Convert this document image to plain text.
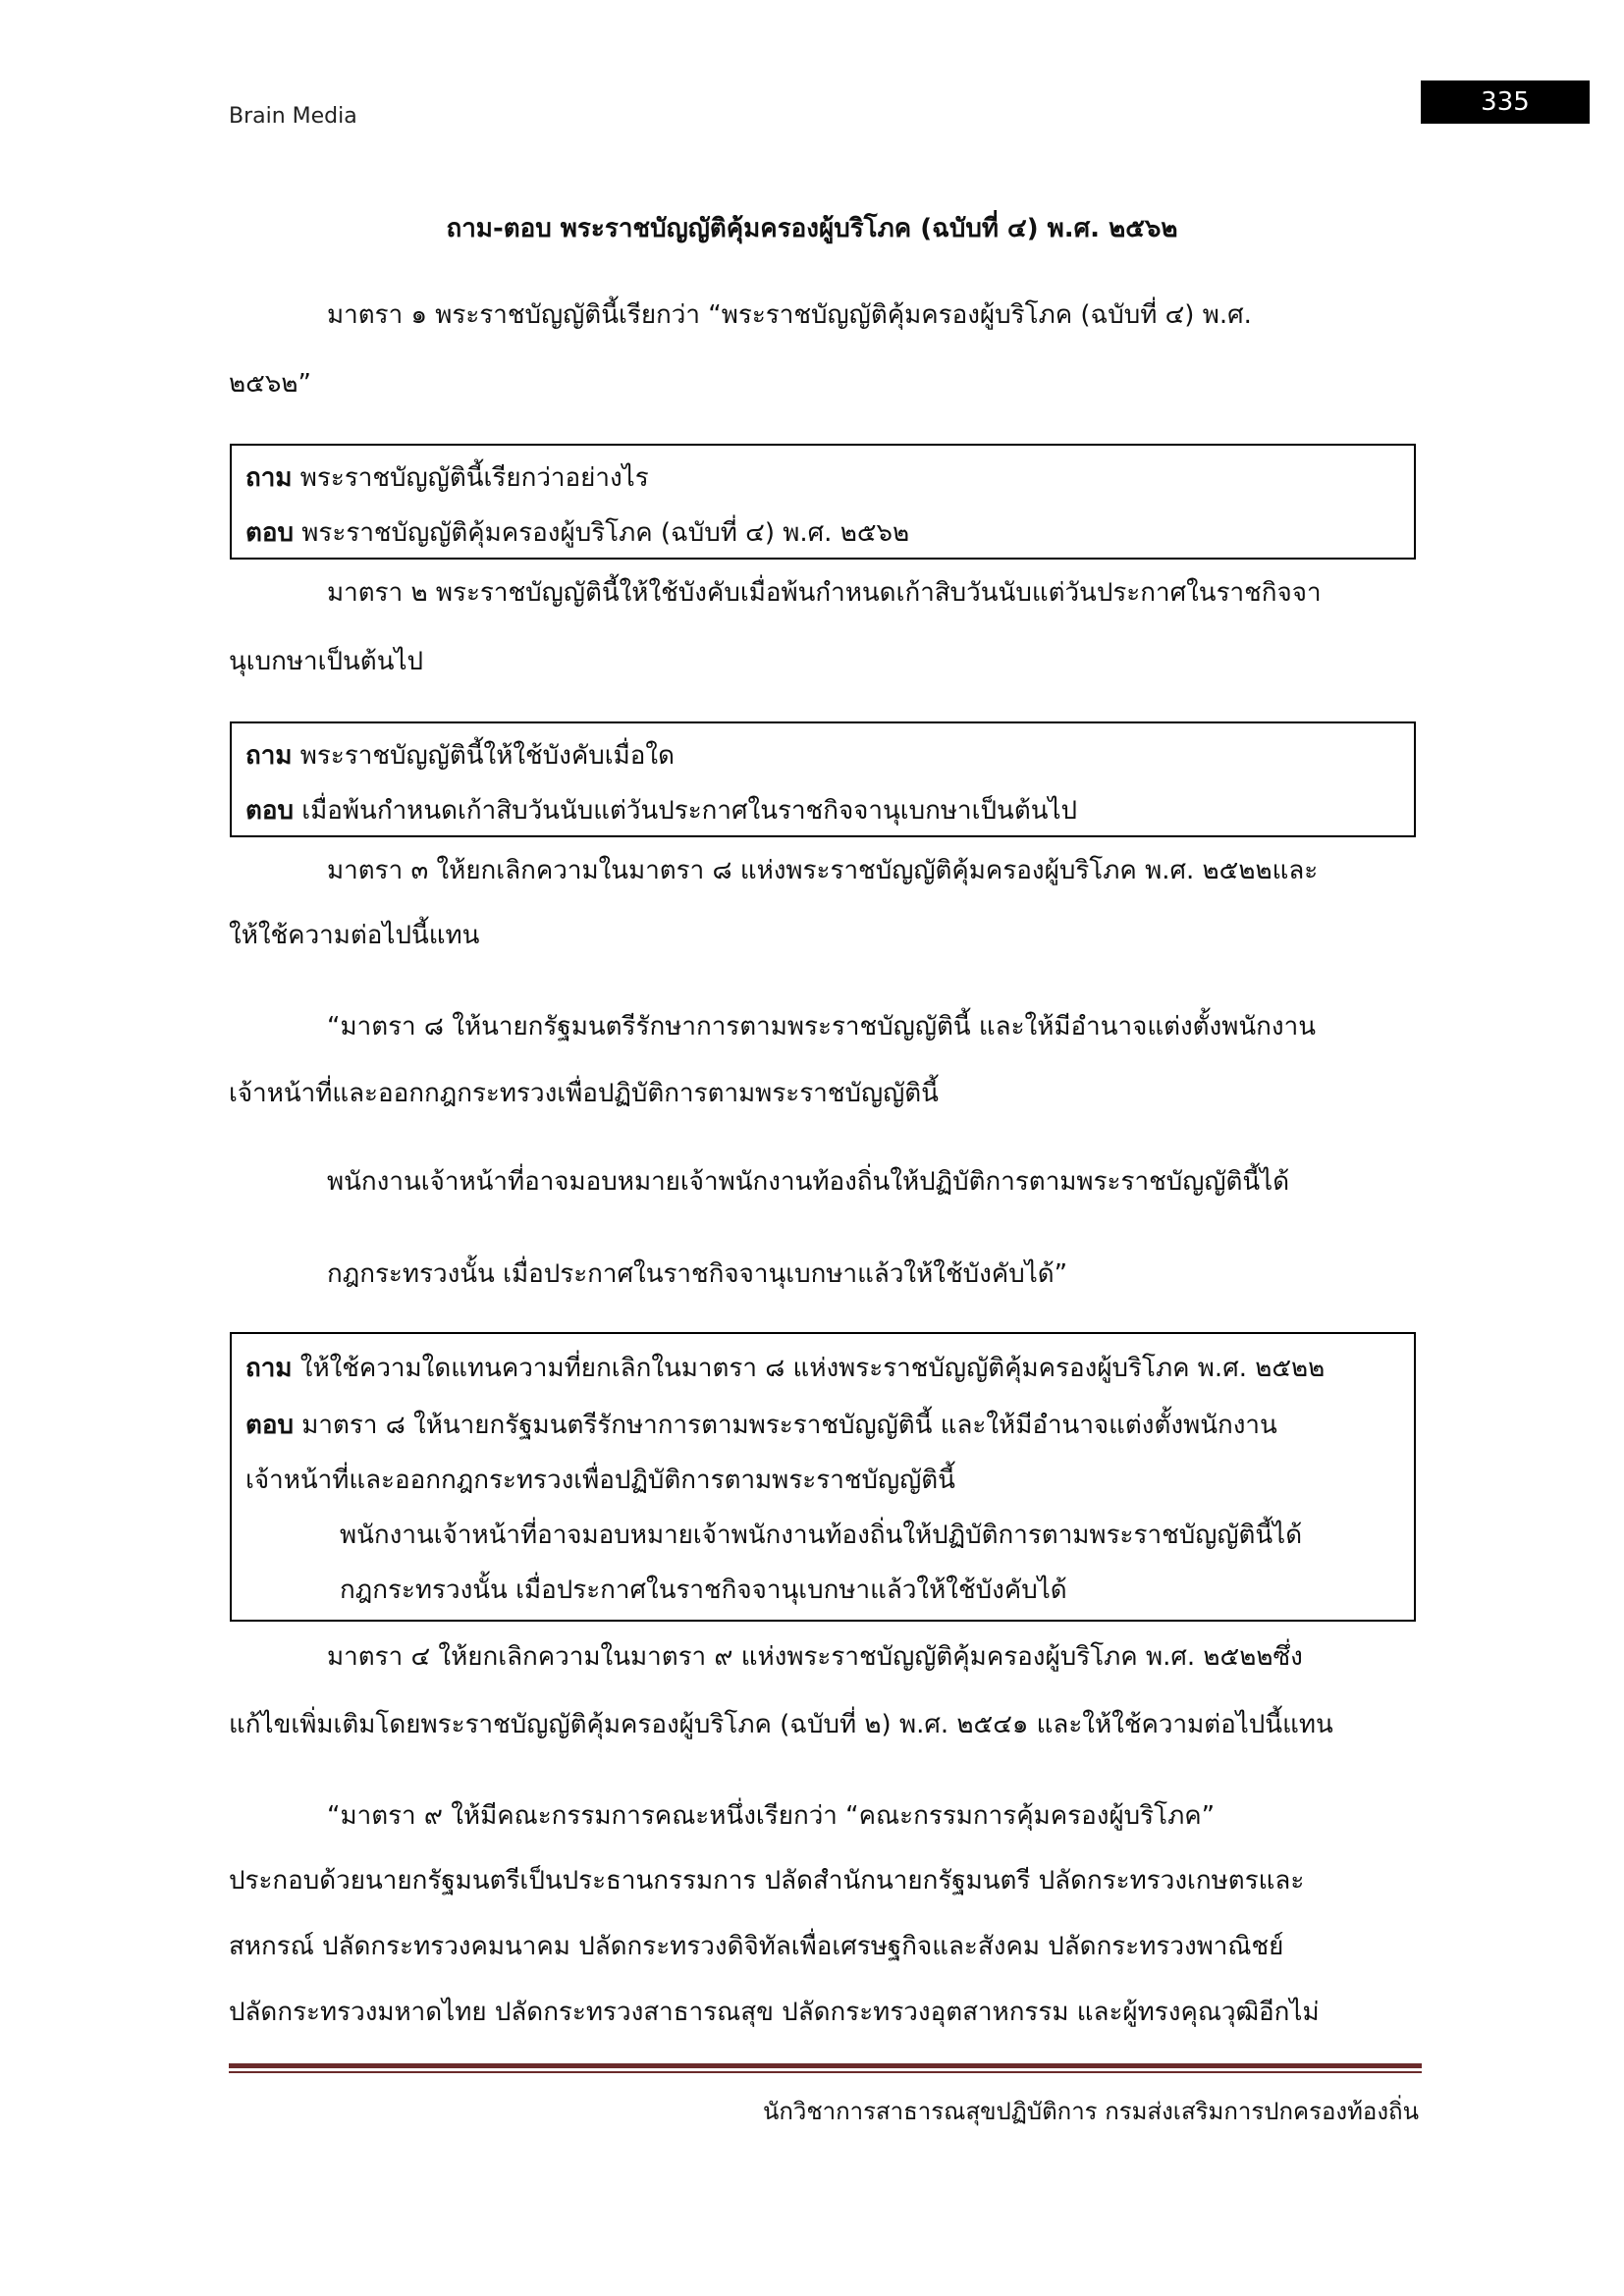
Brain Media	335
ถาม-ตอบ พระราชบัญญัติคุ้มครองผู้บริโภค (ฉบับที่ ๔) พ.ศ. ๒๕๖๒
มาตรา ๑ พระราชบัญญัตินี้เรียกว่า “พระราชบัญญัติคุ้มครองผู้บริโภค (ฉบับที่ ๔) พ.ศ.
๒๕๖๒”
ถาม พระราชบัญญัตินี้เรียกว่าอย่างไร
ตอบ พระราชบัญญัติคุ้มครองผู้บริโภค (ฉบับที่ ๔) พ.ศ. ๒๕๖๒
มาตรา ๒ พระราชบัญญัตินี้ให้ใช้บังคับเมื่อพ้นกำหนดเก้าสิบวันนับแต่วันประกาศในราชกิจจา
นุเบกษาเป็นต้นไป
ถาม พระราชบัญญัตินี้ให้ใช้บังคับเมื่อใด
ตอบ เมื่อพ้นกำหนดเก้าสิบวันนับแต่วันประกาศในราชกิจจานุเบกษาเป็นต้นไป
มาตรา ๓ ให้ยกเลิกความในมาตรา ๘ แห่งพระราชบัญญัติคุ้มครองผู้บริโภค พ.ศ. ๒๕๒๒และ
ให้ใช้ความต่อไปนี้แทน
“มาตรา ๘ ให้นายกรัฐมนตรีรักษาการตามพระราชบัญญัตินี้ และให้มีอำนาจแต่งตั้งพนักงาน
เจ้าหน้าที่และออกกฎกระทรวงเพื่อปฏิบัติการตามพระราชบัญญัตินี้
พนักงานเจ้าหน้าที่อาจมอบหมายเจ้าพนักงานท้องถิ่นให้ปฏิบัติการตามพระราชบัญญัตินี้ได้
กฎกระทรวงนั้น เมื่อประกาศในราชกิจจานุเบกษาแล้วให้ใช้บังคับได้”
ถาม ให้ใช้ความใดแทนความที่ยกเลิกในมาตรา ๘ แห่งพระราชบัญญัติคุ้มครองผู้บริโภค พ.ศ. ๒๕๒๒
ตอบ มาตรา ๘ ให้นายกรัฐมนตรีรักษาการตามพระราชบัญญัตินี้ และให้มีอำนาจแต่งตั้งพนักงาน
เจ้าหน้าที่และออกกฎกระทรวงเพื่อปฏิบัติการตามพระราชบัญญัตินี้
พนักงานเจ้าหน้าที่อาจมอบหมายเจ้าพนักงานท้องถิ่นให้ปฏิบัติการตามพระราชบัญญัตินี้ได้
กฎกระทรวงนั้น เมื่อประกาศในราชกิจจานุเบกษาแล้วให้ใช้บังคับได้
มาตรา ๔ ให้ยกเลิกความในมาตรา ๙ แห่งพระราชบัญญัติคุ้มครองผู้บริโภค พ.ศ. ๒๕๒๒ซึ่ง
แก้ไขเพิ่มเติมโดยพระราชบัญญัติคุ้มครองผู้บริโภค (ฉบับที่ ๒) พ.ศ. ๒๕๔๑ และให้ใช้ความต่อไปนี้แทน
“มาตรา ๙ ให้มีคณะกรรมการคณะหนึ่งเรียกว่า “คณะกรรมการคุ้มครองผู้บริโภค”
ประกอบด้วยนายกรัฐมนตรีเป็นประธานกรรมการ ปลัดสำนักนายกรัฐมนตรี ปลัดกระทรวงเกษตรและ
สหกรณ์ ปลัดกระทรวงคมนาคม ปลัดกระทรวงดิจิทัลเพื่อเศรษฐกิจและสังคม ปลัดกระทรวงพาณิชย์
ปลัดกระทรวงมหาดไทย ปลัดกระทรวงสาธารณสุข ปลัดกระทรวงอุตสาหกรรม และผู้ทรงคุณวุฒิอีกไม่
นักวิชาการสาธารณสุขปฏิบัติการ กรมส่งเสริมการปกครองท้องถิ่น
